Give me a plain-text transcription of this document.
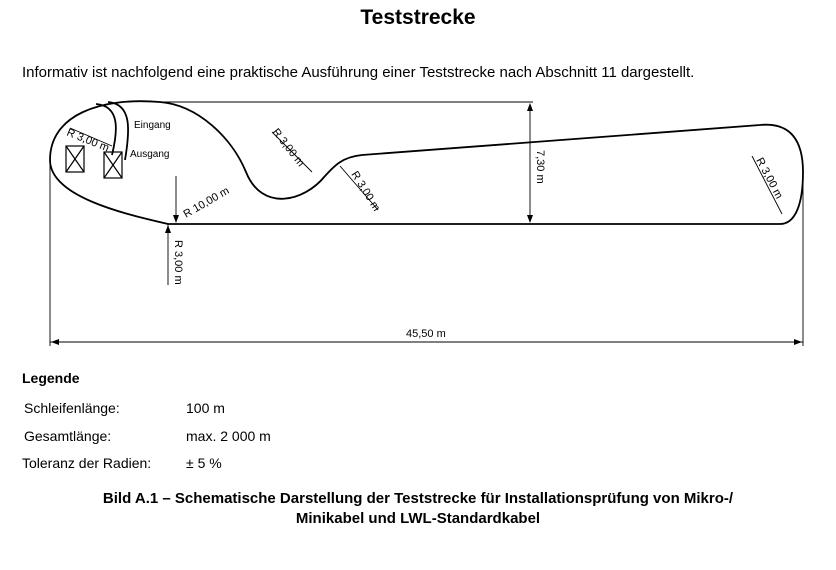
Teststrecke
Informativ ist nachfolgend eine praktische Ausführung einer Teststrecke nach Abschnitt 11 dargestellt.
R 3,00 m
Eingang
Ausgang
R 10,00 m
R 3,00 m
R 3,00 m
R 3,00 m
7,30 m	R 3,00 m
45,50 m
Legende
Schleifenlänge:	100 m
Gesamtlänge:	max. 2 000 m
Toleranz der Radien: ± 5 %
Bild A.1 – Schematische Darstellung der Teststrecke für Installationsprüfung von Mikro-/
Minikabel und LWL-Standardkabel
